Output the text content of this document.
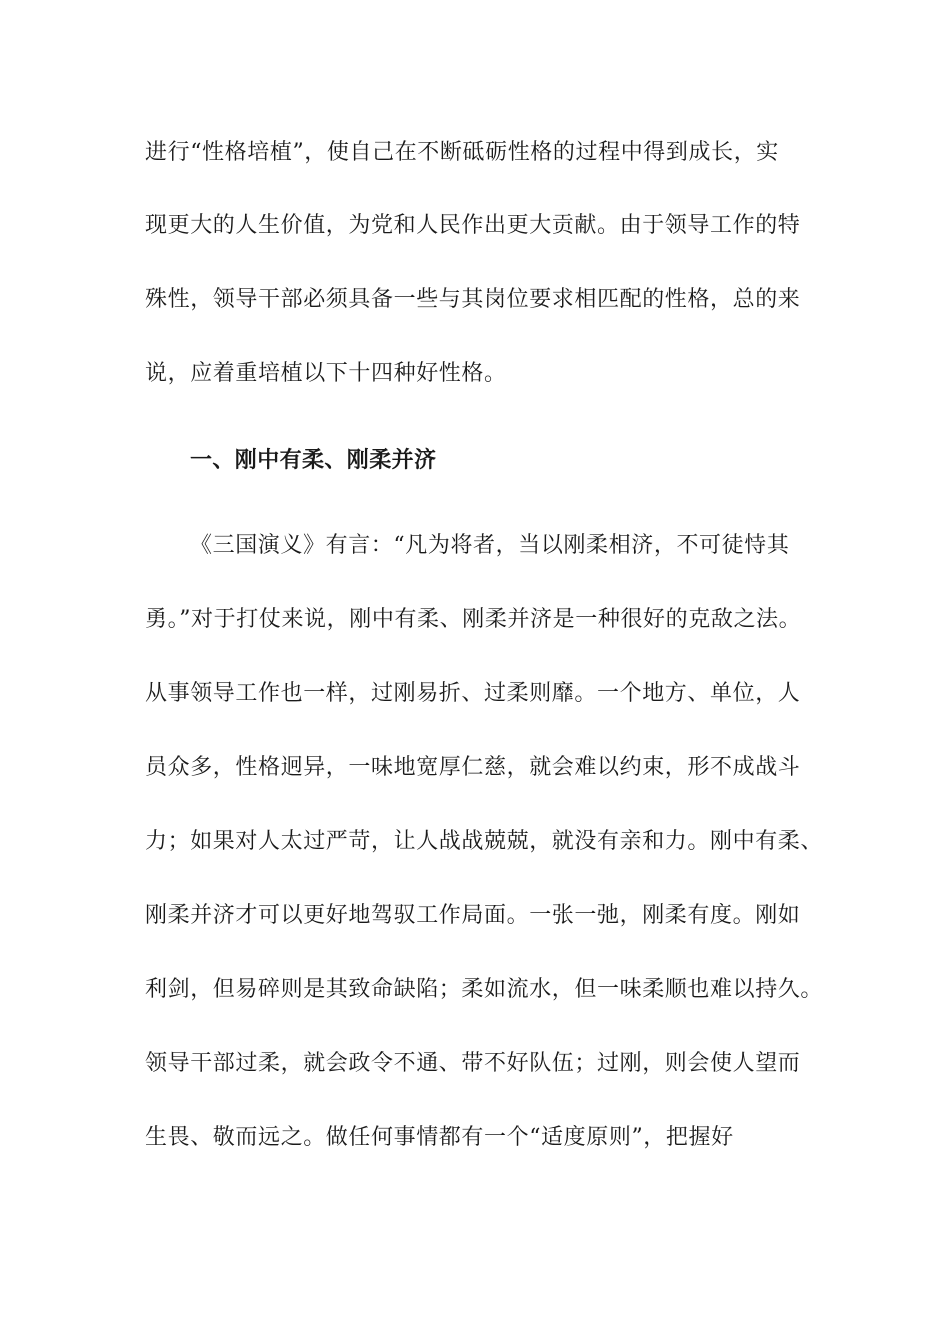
进行“性格培植”，使自己在不断砥砺性格的过程中得到成长，实
现更大的人生价值，为党和人民作出更大贡献。由于领导工作的特
殊性，领导干部必须具备一些与其岗位要求相匹配的性格，总的来
说，应着重培植以下十四种好性格。
一、刚中有柔、刚柔并济
《三国演义》有言：“凡为将者，当以刚柔相济，不可徒恃其
勇。”对于打仗来说，刚中有柔、刚柔并济是一种很好的克敌之法。
从事领导工作也一样，过刚易折、过柔则靡。一个地方、单位，人
员众多，性格迥异，一味地宽厚仁慈，就会难以约束，形不成战斗
力；如果对人太过严苛，让人战战兢兢，就没有亲和力。刚中有柔、
刚柔并济才可以更好地驾驭工作局面。一张一弛，刚柔有度。刚如
利剑，但易碎则是其致命缺陷；柔如流水，但一味柔顺也难以持久。
领导干部过柔，就会政令不通、带不好队伍；过刚，则会使人望而
生畏、敬而远之。做任何事情都有一个“适度原则”，把握好
